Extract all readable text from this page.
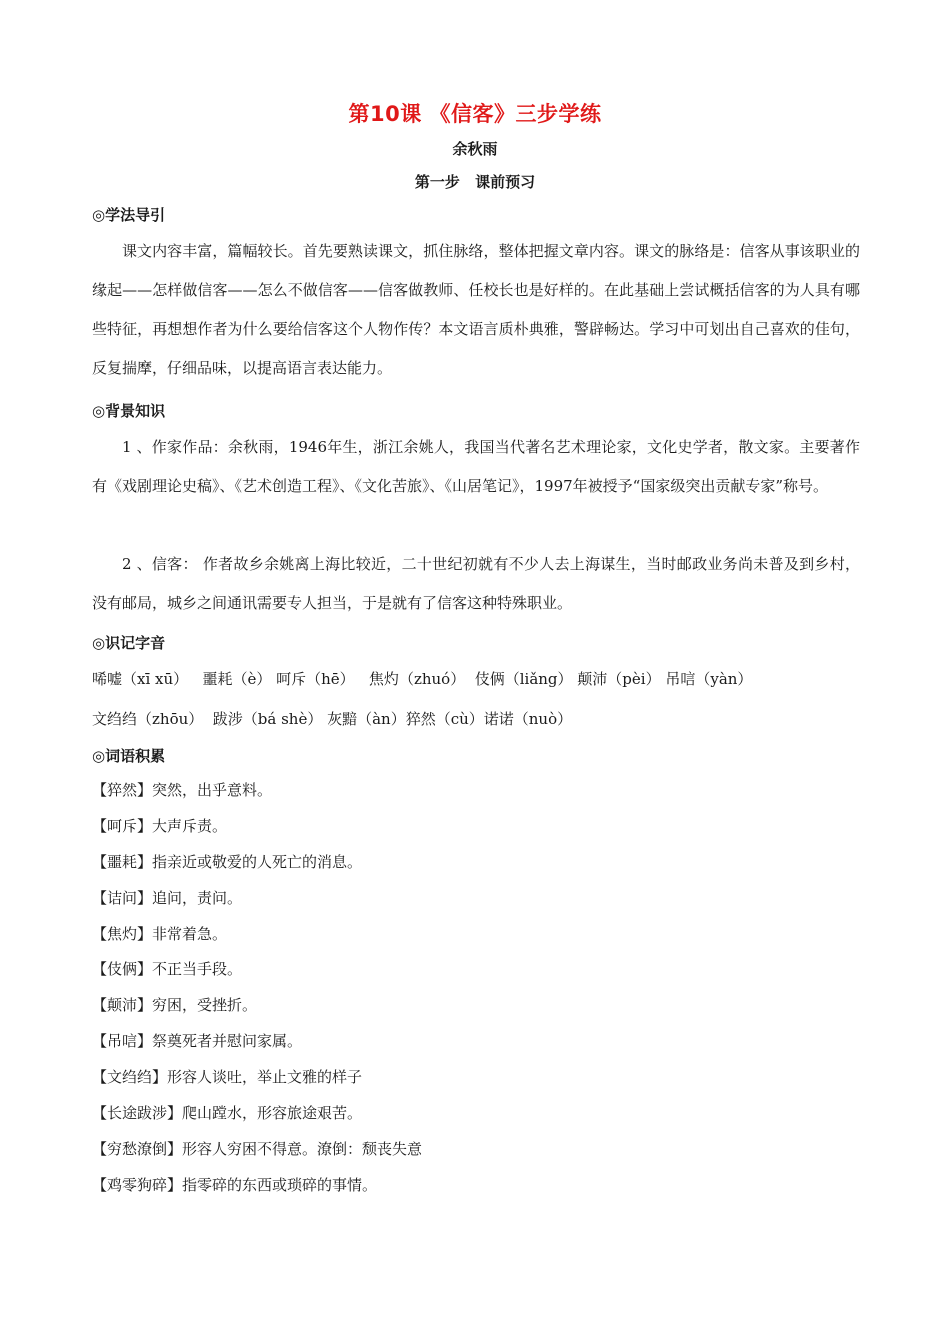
第10课 《信客》三步学练
余秋雨
第一步 课前预习
◎学法导引

课文内容丰富，篇幅较长。首先要熟读课文，抓住脉络，整体把握文章内容。课文的脉络是：信客从事该职业的缘起——怎样做信客——怎么不做信客——信客做教师、任校长也是好样的。在此基础上尝试概括信客的为人具有哪些特征，再想想作者为什么要给信客这个人物作传？本文语言质朴典雅，警辟畅达。学习中可划出自己喜欢的佳句，反复揣摩，仔细品味，以提高语言表达能力。

◎背景知识

1 、作家作品：余秋雨，1946年生，浙江余姚人，我国当代著名艺术理论家，文化史学者，散文家。主要著作有《戏剧理论史稿》、《艺术创造工程》、《文化苦旅》、《山居笔记》，1997年被授予“国家级突出贡献专家”称号。

2 、信客： 作者故乡余姚离上海比较近，二十世纪初就有不少人去上海谋生，当时邮政业务尚未普及到乡村，没有邮局，城乡之间通讯需要专人担当，于是就有了信客这种特殊职业。

◎识记字音

唏嘘（xī xū）   噩耗（è） 呵斥（hē）   焦灼（zhuó）  伎俩（liǎng） 颠沛（pèi） 吊唁（yàn）

文绉绉（zhōu）  跋涉（bá shè） 灰黯（àn）猝然（cù）诺诺（nuò）

◎词语积累
【猝然】突然，出乎意料。
【呵斥】大声斥责。
【噩耗】指亲近或敬爱的人死亡的消息。
【诘问】追问，责问。
【焦灼】非常着急。
【伎俩】不正当手段。
【颠沛】穷困，受挫折。
【吊唁】祭奠死者并慰问家属。
【文绉绉】形容人谈吐，举止文雅的样子
【长途跋涉】爬山蹚水，形容旅途艰苦。
【穷愁潦倒】形容人穷困不得意。潦倒：颓丧失意
【鸡零狗碎】指零碎的东西或琐碎的事情。
